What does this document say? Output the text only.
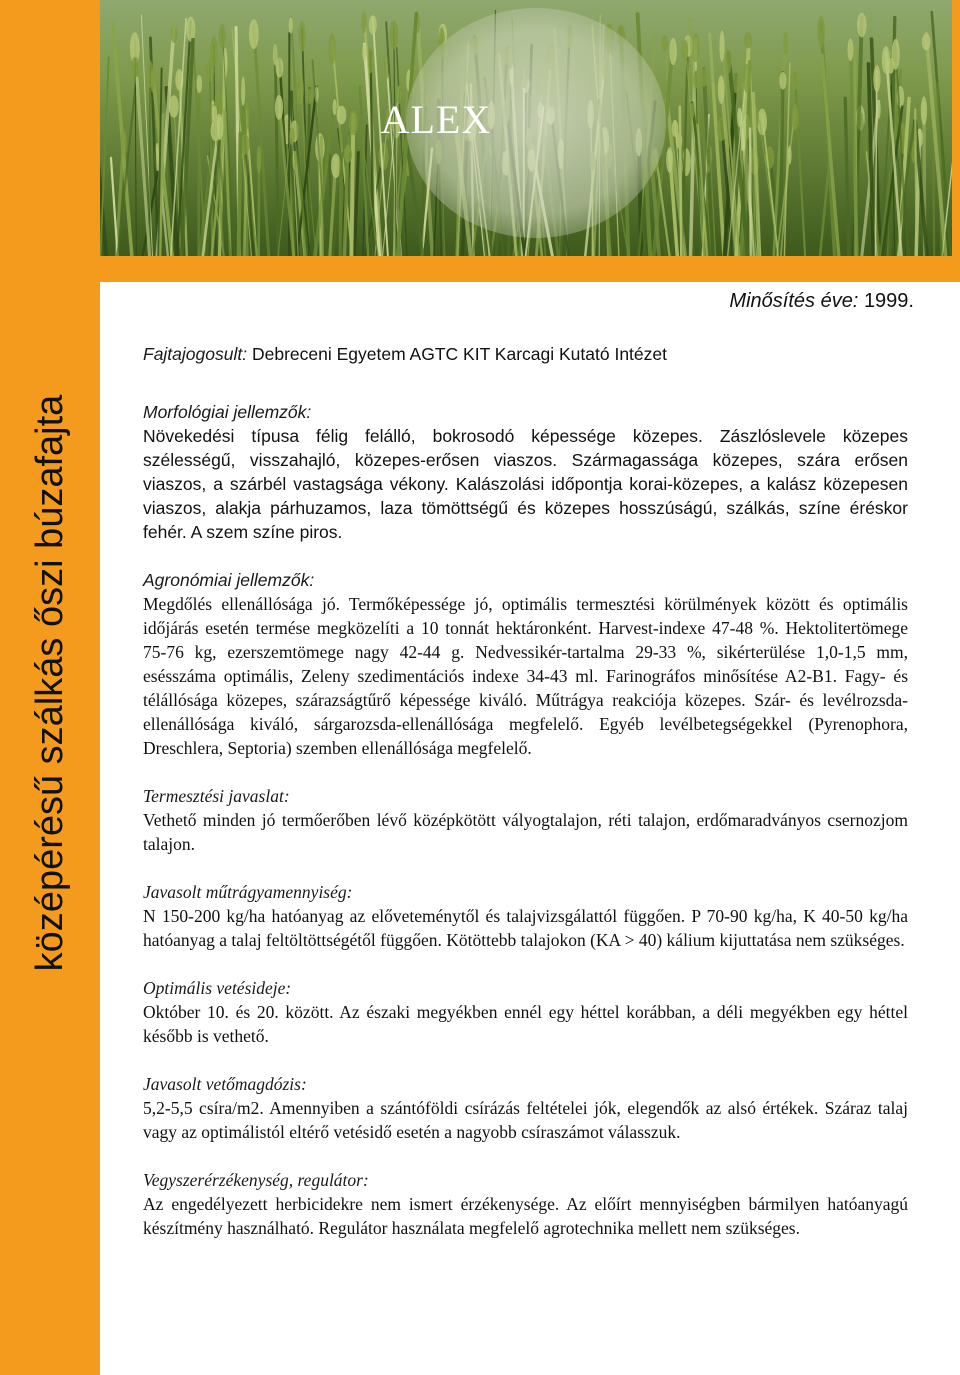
középérésű szálkás őszi búzafajta
ALEX
Minősítés éve: 1999.

Fajtajogosult: Debreceni Egyetem AGTC KIT Karcagi Kutató Intézet

Morfológiai jellemzők:

Növekedési típusa félig felálló, bokrosodó képessége közepes. Zászlóslevele közepes szélességű, visszahajló, közepes-erősen viaszos. Szármagassága közepes, szára erősen viaszos, a szárbél vastagsága vékony. Kalászolási időpontja korai-közepes, a kalász közepesen viaszos, alakja párhuzamos, laza tömöttségű és közepes hosszúságú, szálkás, színe éréskor fehér. A szem színe piros.

Agronómiai jellemzők:

Megdőlés ellenállósága jó. Termőképessége jó, optimális termesztési körülmények között és optimális időjárás esetén termése megközelíti a 10 tonnát hektáronként. Harvest-indexe 47-48 %. Hektolitertömege 75-76 kg, ezerszemtömege nagy 42-44 g. Nedvessikér-tartalma 29-33 %, sikérterülése 1,0-1,5 mm, esésszáma optimális, Zeleny szedimentációs indexe 34-43 ml. Farinográfos minősítése A2-B1. Fagy- és télállósága közepes, szárazságtűrő képessége kiváló. Műtrágya reakciója közepes. Szár- és levélrozsda-ellenállósága kiváló, sárgarozsda-ellenállósága megfelelő. Egyéb levélbetegségekkel (Pyrenophora, Dreschlera, Septoria) szemben ellenállósága megfelelő.

Termesztési javaslat:

Vethető minden jó termőerőben lévő középkötött vályogtalajon, réti talajon, erdőmaradványos csernozjom talajon.

Javasolt műtrágyamennyiség:

N 150-200 kg/ha hatóanyag az előveteménytől és talajvizsgálattól függően. P 70-90 kg/ha, K 40-50 kg/ha hatóanyag a talaj feltöltöttségétől függően. Kötöttebb talajokon (KA > 40) kálium kijuttatása nem szükséges.

Optimális vetésideje:

Október 10. és 20. között. Az északi megyékben ennél egy héttel korábban, a déli megyékben egy héttel később is vethető.

Javasolt vetőmagdózis:

5,2-5,5 csíra/m2. Amennyiben a szántóföldi csírázás feltételei jók, elegendők az alsó értékek. Száraz talaj vagy az optimálistól eltérő vetésidő esetén a nagyobb csíraszámot válasszuk.

Vegyszerérzékenység, regulátor:

Az engedélyezett herbicidekre nem ismert érzékenysége. Az előírt mennyiségben bármilyen hatóanyagú készítmény használható. Regulátor használata megfelelő agrotechnika mellett nem szükséges.
